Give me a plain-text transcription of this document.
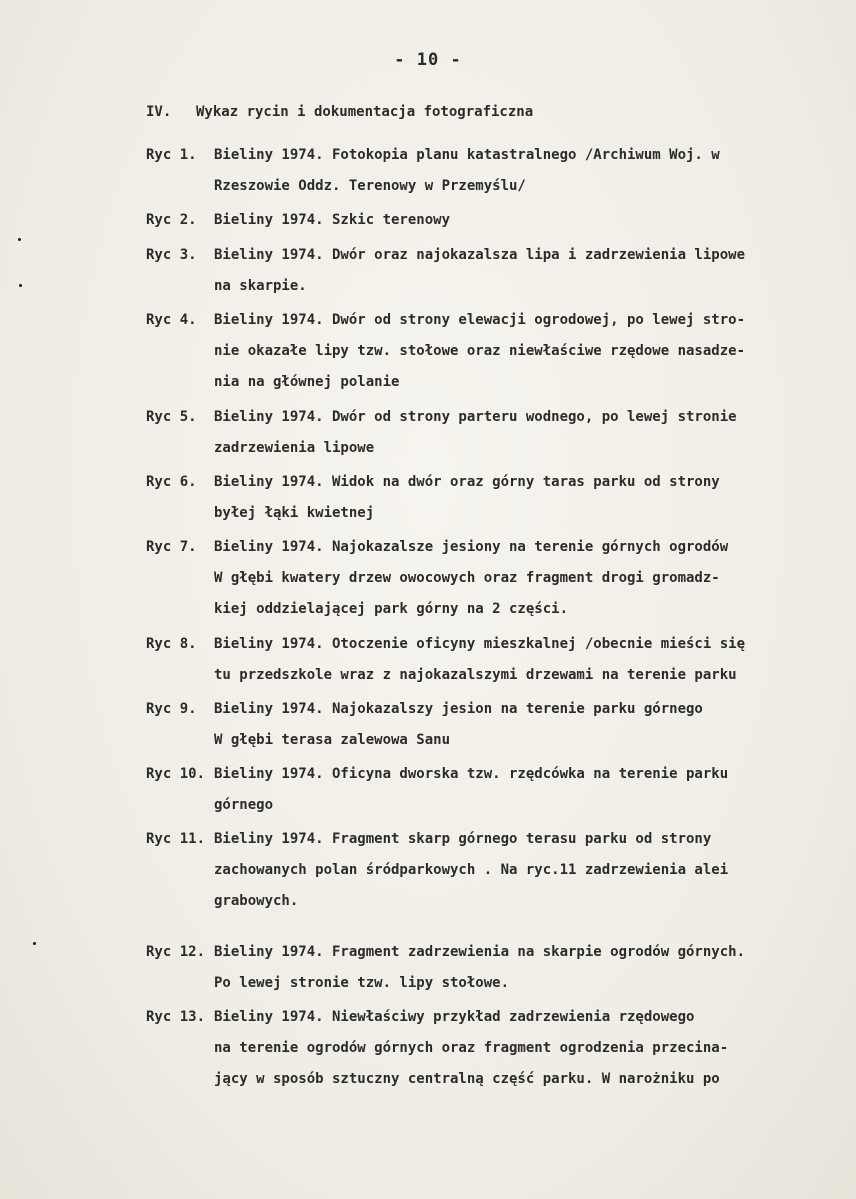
- 10 -
IV. Wykaz rycin i dokumentacja fotograficzna
Ryc 1.	Bieliny 1974. Fotokopia planu katastralnego /Archiwum Woj. w
Rzeszowie Oddz. Terenowy w Przemyślu/
Ryc 2.	Bieliny 1974. Szkic terenowy
Ryc 3.	Bieliny 1974. Dwór oraz najokazalsza lipa i zadrzewienia lipowe
na skarpie.
Ryc 4.	Bieliny 1974. Dwór od strony elewacji ogrodowej, po lewej stro-
nie okazałe lipy tzw. stołowe oraz niewłaściwe rzędowe nasadze-
nia na głównej polanie
Ryc 5.	Bieliny 1974. Dwór od strony parteru wodnego, po lewej stronie
zadrzewienia lipowe
Ryc 6.	Bieliny 1974. Widok na dwór oraz górny taras parku od strony
byłej łąki kwietnej
Ryc 7.	Bieliny 1974. Najokazalsze jesiony na terenie górnych ogrodów
W głębi kwatery drzew owocowych oraz fragment drogi gromadz-
kiej oddzielającej park górny na 2 części.
Ryc 8.	Bieliny 1974. Otoczenie oficyny mieszkalnej /obecnie mieści się
tu przedszkole wraz z najokazalszymi drzewami na terenie parku
Ryc 9.	Bieliny 1974. Najokazalszy jesion na terenie parku górnego
W głębi terasa zalewowa Sanu
Ryc 10. Bieliny 1974. Oficyna dworska tzw. rzędcówka na terenie parku
górnego
Ryc 11. Bieliny 1974. Fragment skarp górnego terasu parku od strony
zachowanych polan śródparkowych . Na ryc.11 zadrzewienia alei
grabowych.
Ryc 12. Bieliny 1974. Fragment zadrzewienia na skarpie ogrodów górnych.
Po lewej stronie tzw. lipy stołowe.
Ryc 13. Bieliny 1974. Niewłaściwy przykład zadrzewienia rzędowego
na terenie ogrodów górnych oraz fragment ogrodzenia przecina-
jący w sposób sztuczny centralną część parku. W narożniku po
